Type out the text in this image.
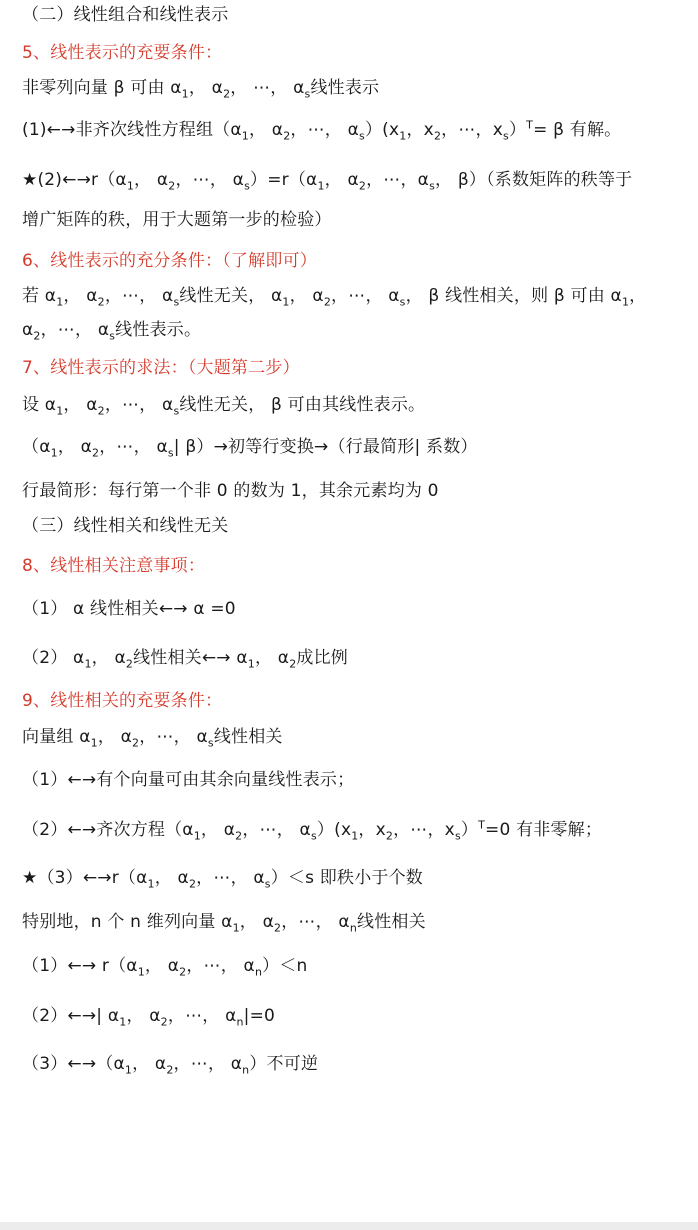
（二）线性组合和线性表示
5、线性表示的充要条件：
非零列向量 β 可由 $\alpha_1$， $\alpha_2$， ⋯， $\alpha_s$线性表示
(1)←→非齐次线性方程组（$\alpha_1$， $\alpha_2$，⋯， $\alpha_s)(x_1$，$x_2$，⋯，$x_s)^T= \beta$ 有解。
$★(2)\leftarrow\to r(\alpha_1$， $\alpha_2$，⋯， $\alpha_s)=r(\alpha_1$， $\alpha_2$，⋯，$\alpha_s$， β）（系数矩阵的秩等于
增广矩阵的秩，用于大题第一步的检验）
6、线性表示的充分条件：（了解即可）
若 $\alpha_1$， $\alpha_2$，⋯， $\alpha_s$线性无关， $\alpha_1$， $\alpha_2$，⋯， $\alpha_s$， β 线性相关，则 β 可由 $\alpha_1$，
$\alpha_2$，⋯， $\alpha_s$线性表示。
7、线性表示的求法：（大题第二步）
设 $\alpha_1$， $\alpha_2$，⋯， $\alpha_s$线性无关， β 可由其线性表示。
（$\alpha_1$， $\alpha_2$，⋯， $\alpha_s|$ β）→初等行变换→（行最简形| 系数）
行最简形：每行第一个非 0 的数为 1，其余元素均为 0
（三）线性相关和线性无关
8、线性相关注意事项：
（1） α 线性相关←→ α =0
（2） $\alpha_1$， $\alpha_2$线性相关←→ $\alpha_1$， $\alpha_2$成比例
9、线性相关的充要条件：
向量组 $\alpha_1$， $\alpha_2$，⋯， $\alpha_s$线性相关
（1）←→有个向量可由其余向量线性表示；
（2）←→齐次方程（$\alpha_1$， $\alpha_2$，⋯， $\alpha_s)(x_1$，$x_2$，⋯，$x_s)^T=0$ 有非零解；
$★(3)\leftarrow\to r(\alpha_1$， $\alpha_2$，⋯， $\alpha_s)<s$ 即秩小于个数
特别地，n 个 n 维列向量 $\alpha_1$， $\alpha_2$，⋯， $\alpha_n$线性相关
（1）←→ $r(\alpha_1$， $\alpha_2$，⋯， $\alpha_n)<n$
（2）←→| $\alpha_1$， $\alpha_2$，⋯， $\alpha_n|=0$
$(3)\leftarrow\to(\alpha_1$， $\alpha_2$，⋯， $\alpha_n$）不可逆
